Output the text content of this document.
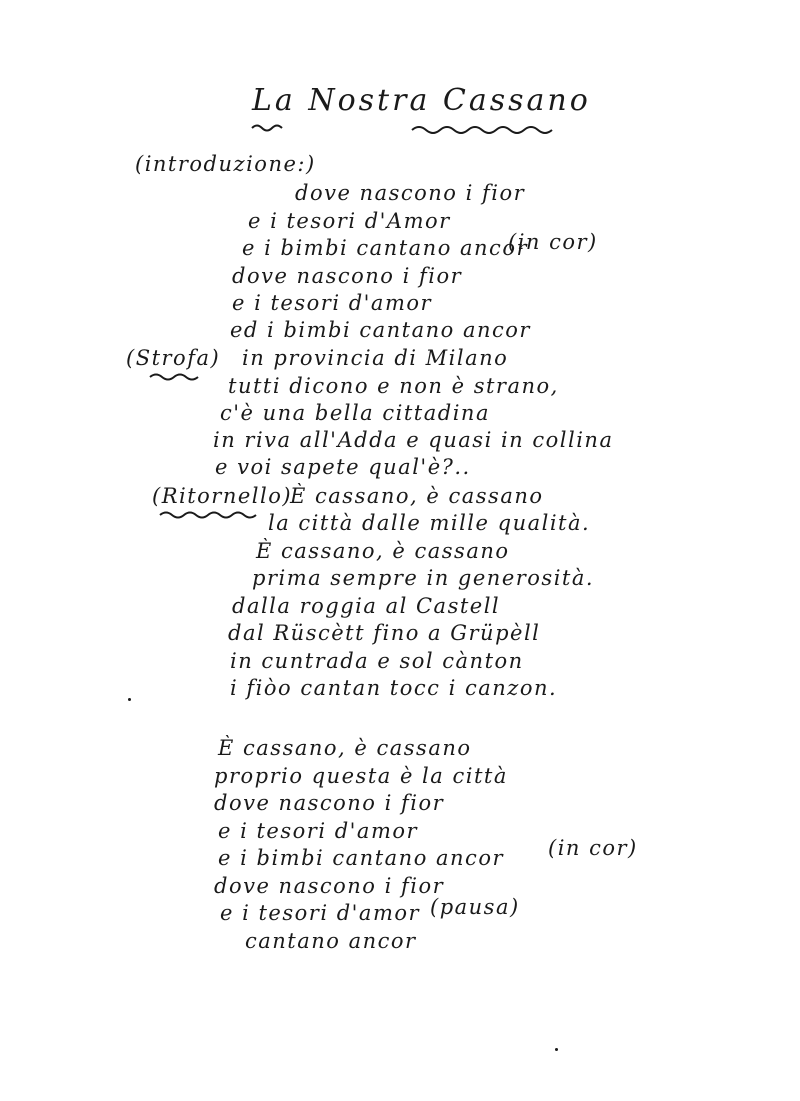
La Nostra Cassano
(introduzione:)
dove nascono i fior
e i tesori d'Amor
e i bimbi cantano ancor
(in cor)
dove nascono i fior
e i tesori d'amor
ed i bimbi cantano ancor
(Strofa) in provincia di Milano
tutti dicono e non è strano,
c'è una bella cittadina
in riva all'Adda e quasi in collina
e voi sapete qual'è?..
(Ritornello)
È cassano, è cassano
la città dalle mille qualità.
È cassano, è cassano
prima sempre in generosità.
dalla roggia al Castell
dal Rüscètt fino a Grüpèll
in cuntrada e sol cànton
i fiòo cantan tocc i canzon.
È cassano, è cassano
proprio questa è la città
dove nascono i fior
e i tesori d'amor
e i bimbi cantano ancor (in cor)
dove nascono i fior
e i tesori d'amor (pausa)
cantano ancor
